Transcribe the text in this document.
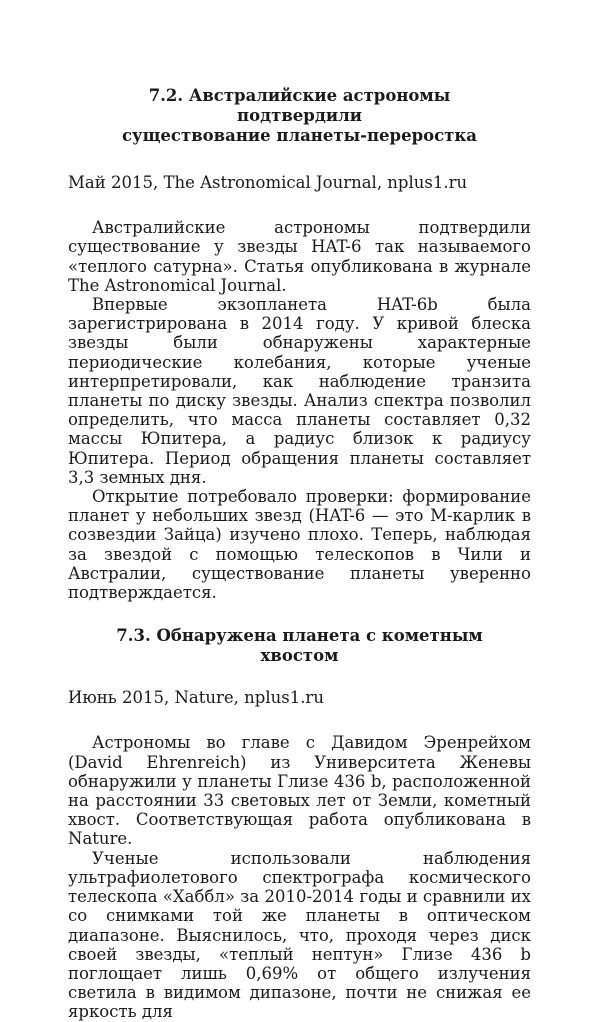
7.2. Австралийские астрономы подтвердили
существование планеты-переростка
Май 2015, The Astronomical Journal, nplus1.ru

Австралийские астрономы подтвердили существование у звезды HAT-6 так называемого «теплого сатурна». Статья опубликована в журнале The Astronomical Journal.

Впервые экзопланета HAT-6b была зарегистрирована в 2014 году. У кривой блеска звезды были обнаружены характерные периодические колебания, которые ученые интерпретировали, как наблюдение транзита планеты по диску звезды. Анализ спектра позволил определить, что масса планеты составляет 0,32 массы Юпитера, а радиус близок к радиусу Юпитера. Период обращения планеты составляет 3,3 земных дня.

Открытие потребовало проверки: формирование планет у небольших звезд (HAT-6 — это М-карлик в созвездии Зайца) изучено плохо. Теперь, наблюдая за звездой с помощью телескопов в Чили и Австралии, существование планеты уверенно подтверждается.

7.3. Обнаружена планета с кометным хвостом
Июнь 2015, Nature, nplus1.ru

Астрономы во главе с Давидом Эренрейхом (David Ehrenreich) из Университета Женевы обнаружили у планеты Глизе 436 b, расположенной на расстоянии 33 световых лет от Земли, кометный хвост. Соответствующая работа опубликована в Nature.

Ученые использовали наблюдения ультрафиолетового спектрографа космического телескопа «Хаббл» за 2010-2014 годы и сравнили их со снимками той же планеты в оптическом диапазоне. Выяснилось, что, проходя через диск своей звезды, «теплый нептун» Глизе 436 b поглощает лишь 0,69% от общего излучения светила в видимом дипазоне, почти не снижая ее яркость для
